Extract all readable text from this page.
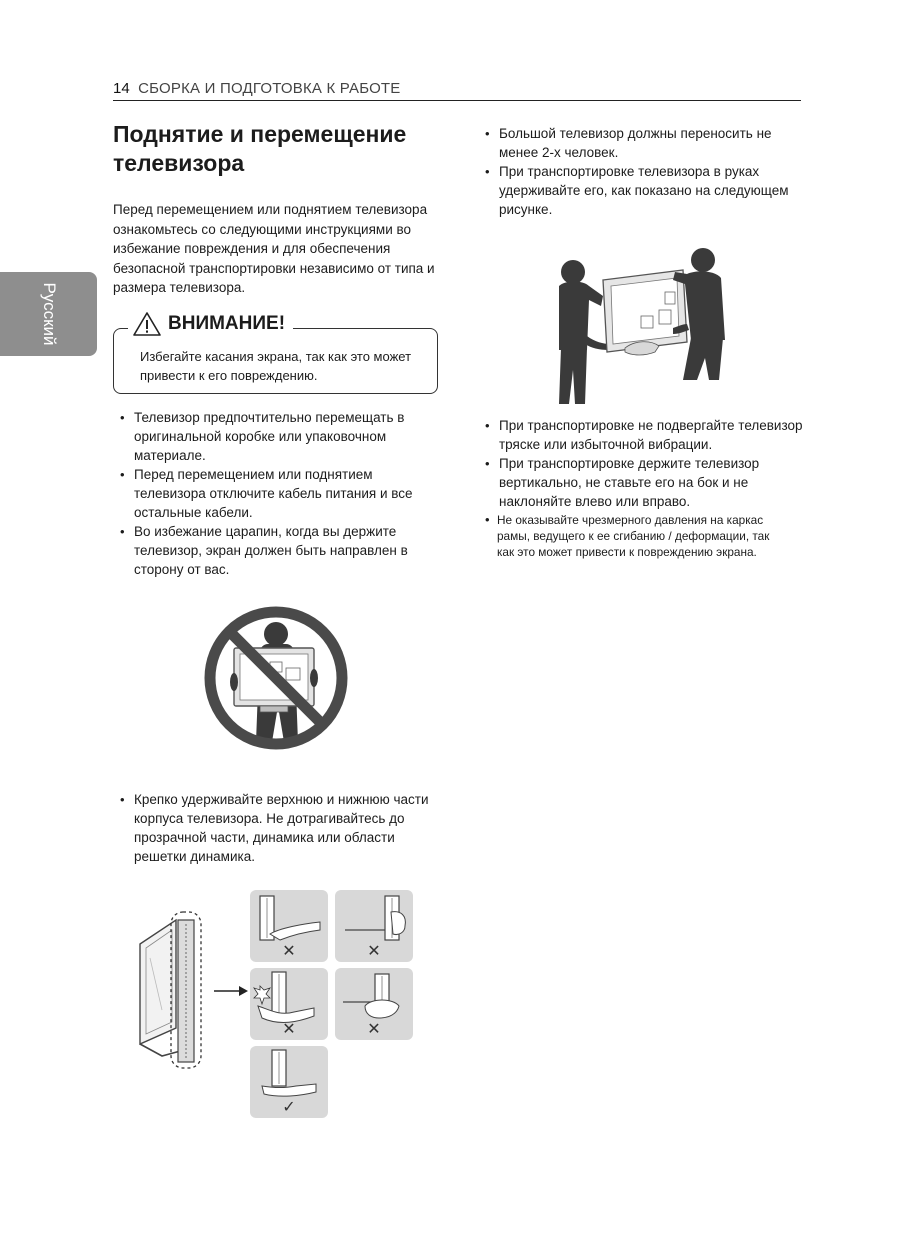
14 СБОРКА И ПОДГОТОВКА К РАБОТЕ
Русский
Поднятие и перемещение телевизора

Перед перемещением или поднятием телевизора ознакомьтесь со следующими инструкциями во избежание повреждения и для обеспечения безопасной транспортировки независимо от типа и размера телевизора.

ВНИМАНИЕ!

Избегайте касания экрана, так как это может привести к его повреждению.

• Телевизор предпочтительно перемещать в оригинальной коробке или упаковочном материале.
• Перед перемещением или поднятием телевизора отключите кабель питания и все остальные кабели.
• Во избежание царапин, когда вы держите телевизор, экран должен быть направлен в сторону от вас.
• Крепко удерживайте верхнюю и нижнюю части корпуса телевизора. Не дотрагивайтесь до прозрачной части, динамика или области решетки динамика.
✕	✕
✕	✕
✓
• Большой телевизор должны переносить не менее 2-х человек.
• При транспортировке телевизора в руках удерживайте его, как показано на следующем рисунке.
• При транспортировке не подвергайте телевизор тряске или избыточной вибрации.
• При транспортировке держите телевизор вертикально, не ставьте его на бок и не наклоняйте влево или вправо.
• Не оказывайте чрезмерного давления на каркас рамы, ведущего к ее сгибанию / деформации, так как это может привести к повреждению экрана.
